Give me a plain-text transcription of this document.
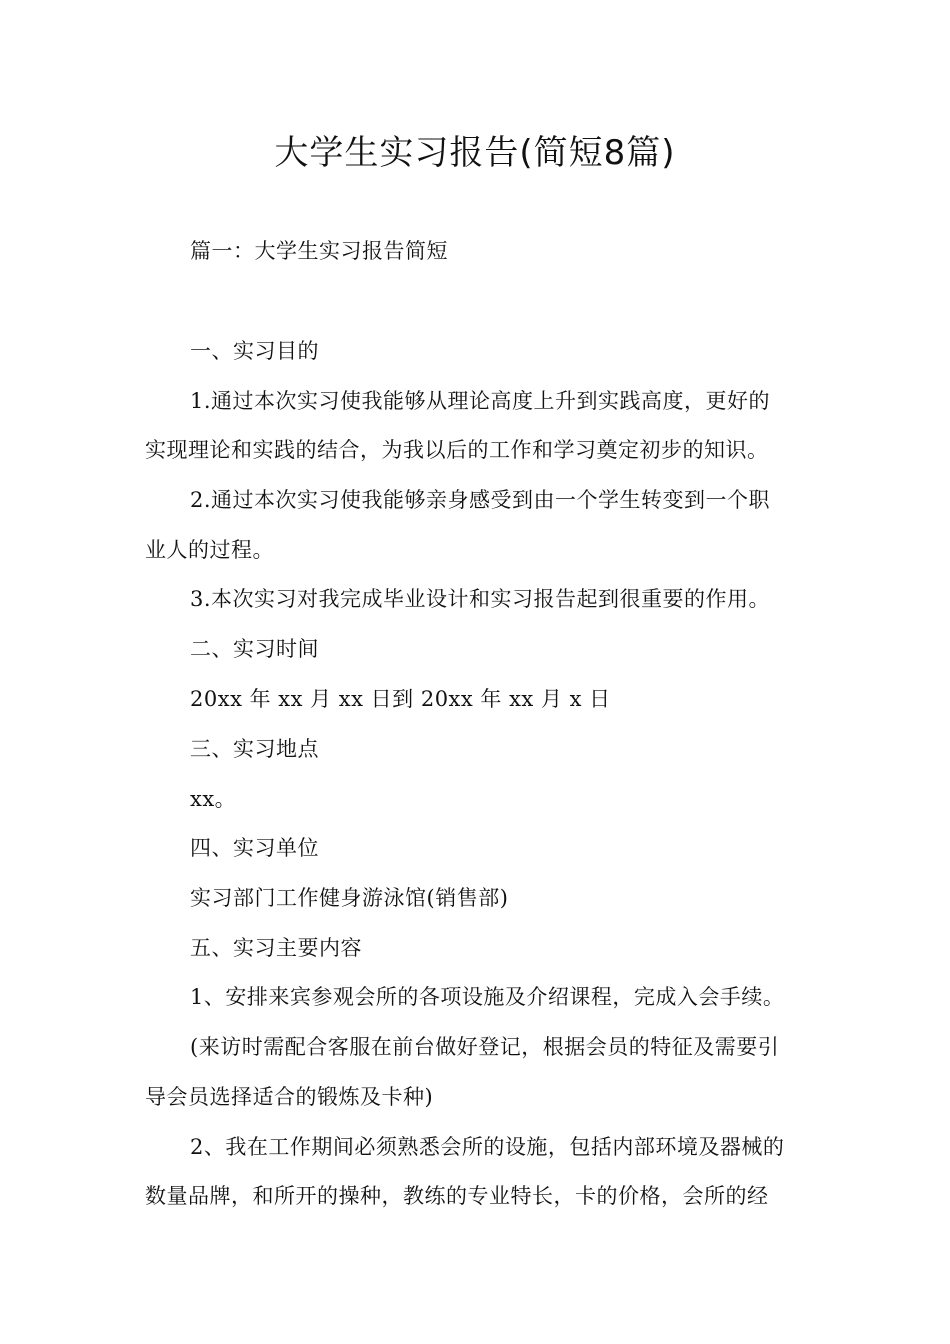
大学生实习报告(简短8篇)
篇一：大学生实习报告简短
一、实习目的
1.通过本次实习使我能够从理论高度上升到实践高度，更好的
实现理论和实践的结合，为我以后的工作和学习奠定初步的知识。
2.通过本次实习使我能够亲身感受到由一个学生转变到一个职
业人的过程。
3.本次实习对我完成毕业设计和实习报告起到很重要的作用。
二、实习时间
20xx 年 xx 月 xx 日到 20xx 年 xx 月 x 日
三、实习地点
xx。
四、实习单位
实习部门工作健身游泳馆(销售部)
五、实习主要内容
1、安排来宾参观会所的各项设施及介绍课程，完成入会手续。
(来访时需配合客服在前台做好登记，根据会员的特征及需要引
导会员选择适合的锻炼及卡种)
2、我在工作期间必须熟悉会所的设施，包括内部环境及器械的
数量品牌，和所开的操种，教练的专业特长，卡的价格，会所的经
